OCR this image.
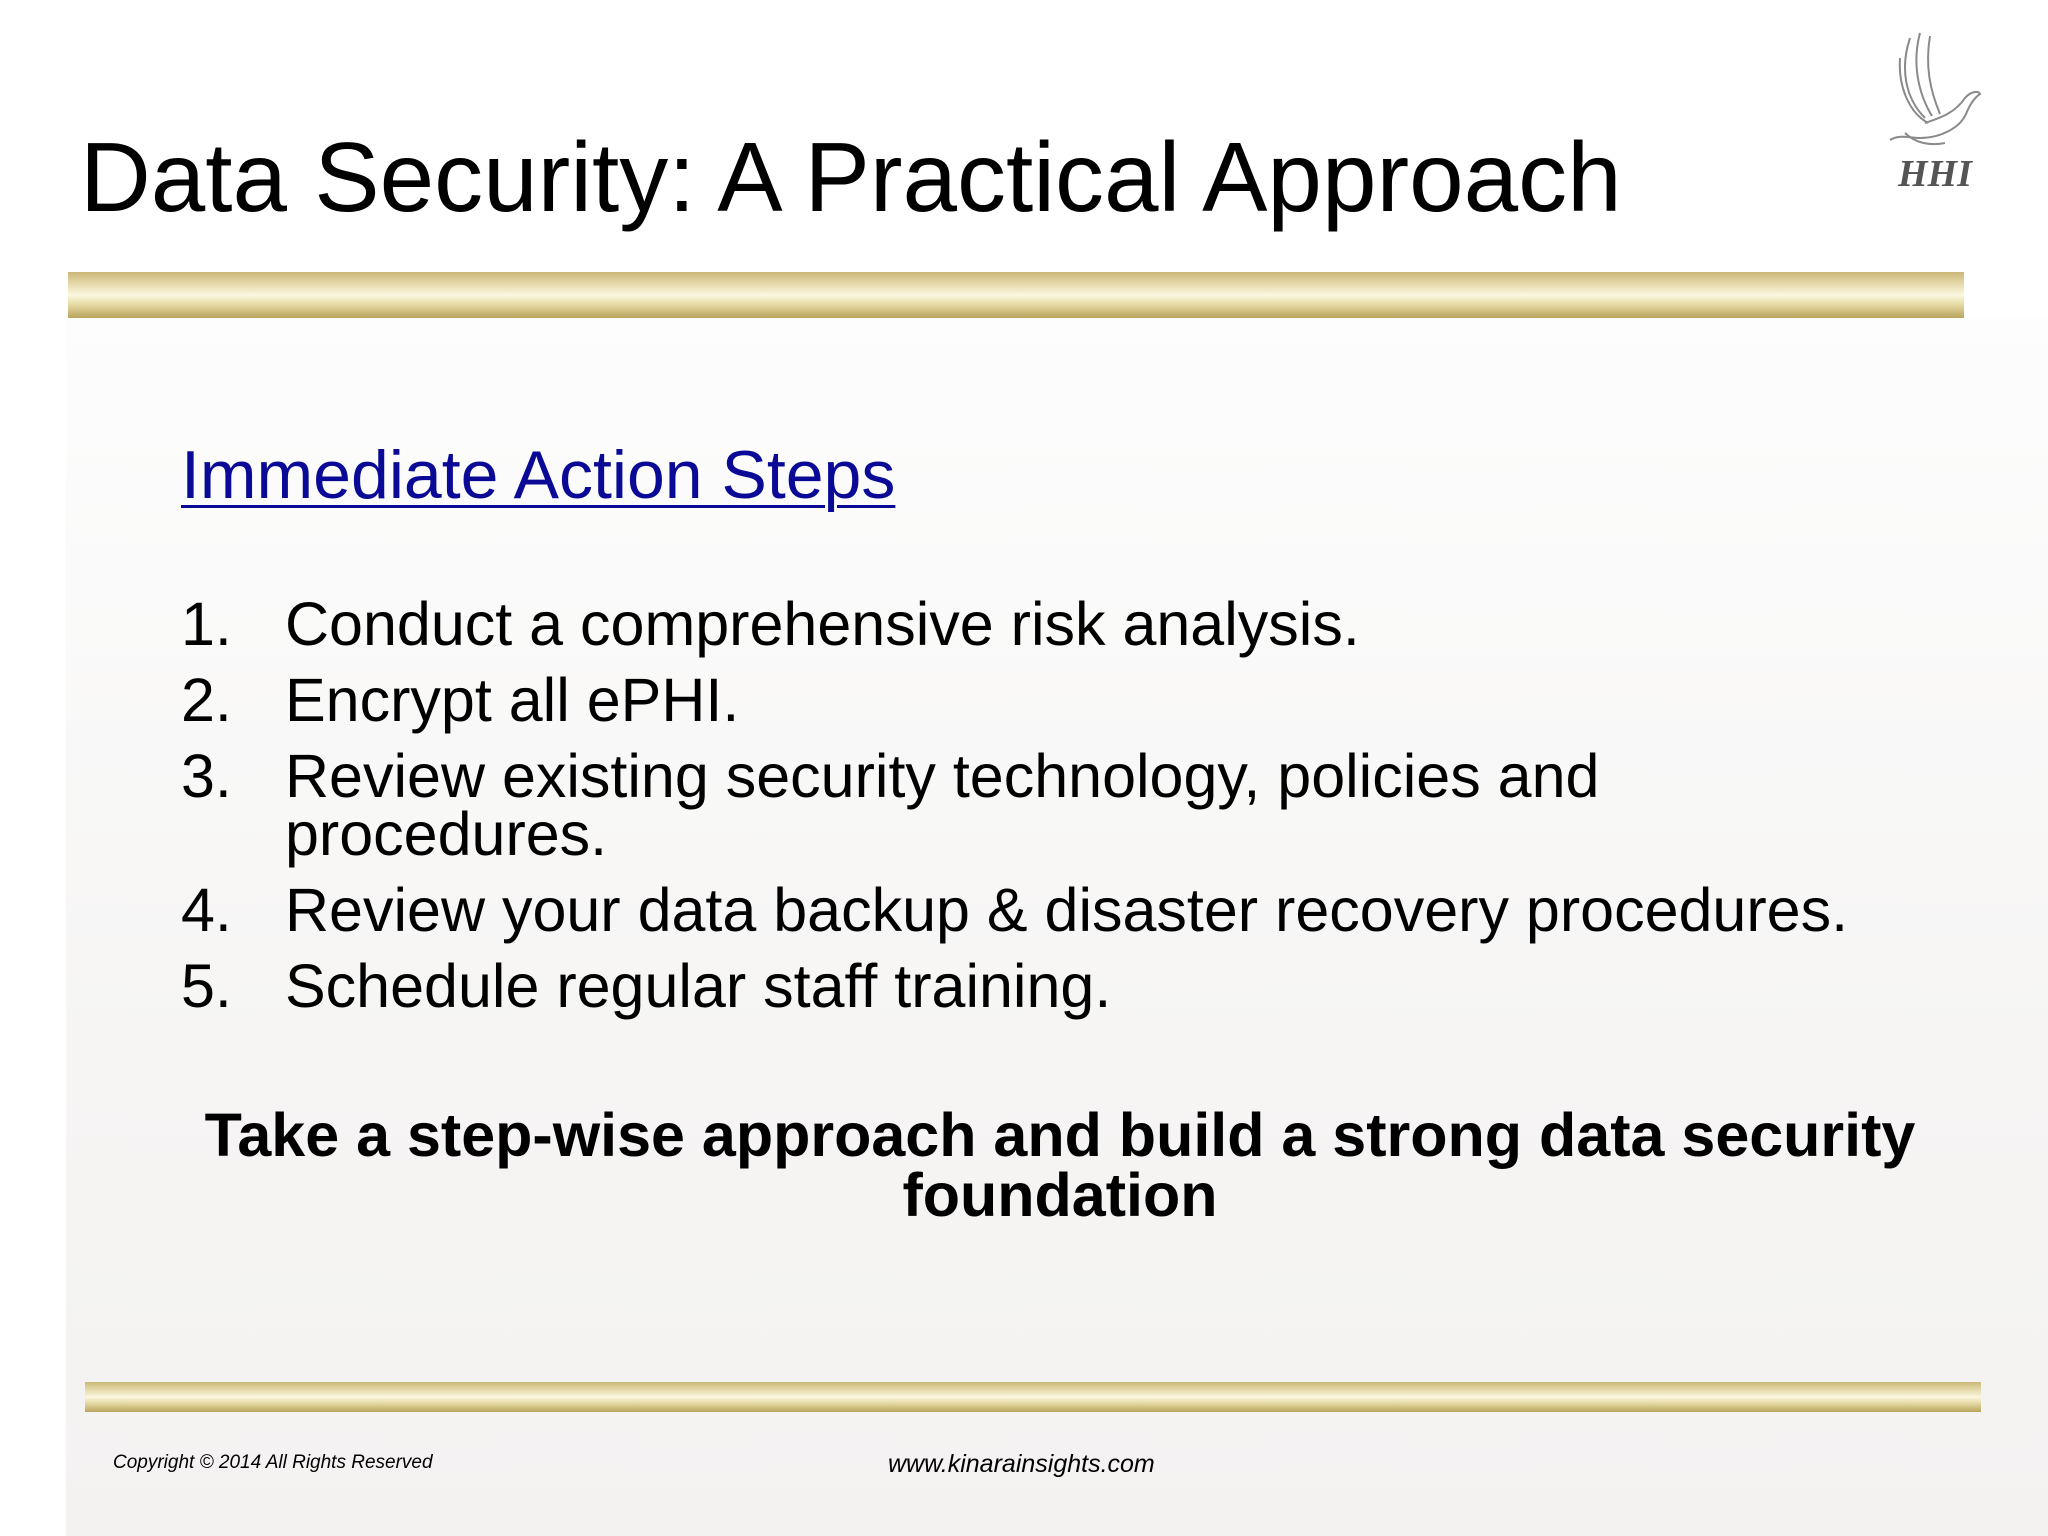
Data Security: A Practical Approach	HHI
Immediate Action Steps
1. Conduct a comprehensive risk analysis.
2. Encrypt all ePHI.
3. Review existing security technology, policies and procedures.
4. Review your data backup & disaster recovery procedures.
5. Schedule regular staff training.
Take a step-wise approach and build a strong data security foundation
Copyright © 2014 All Rights Reserved	www.kinarainsights.com
